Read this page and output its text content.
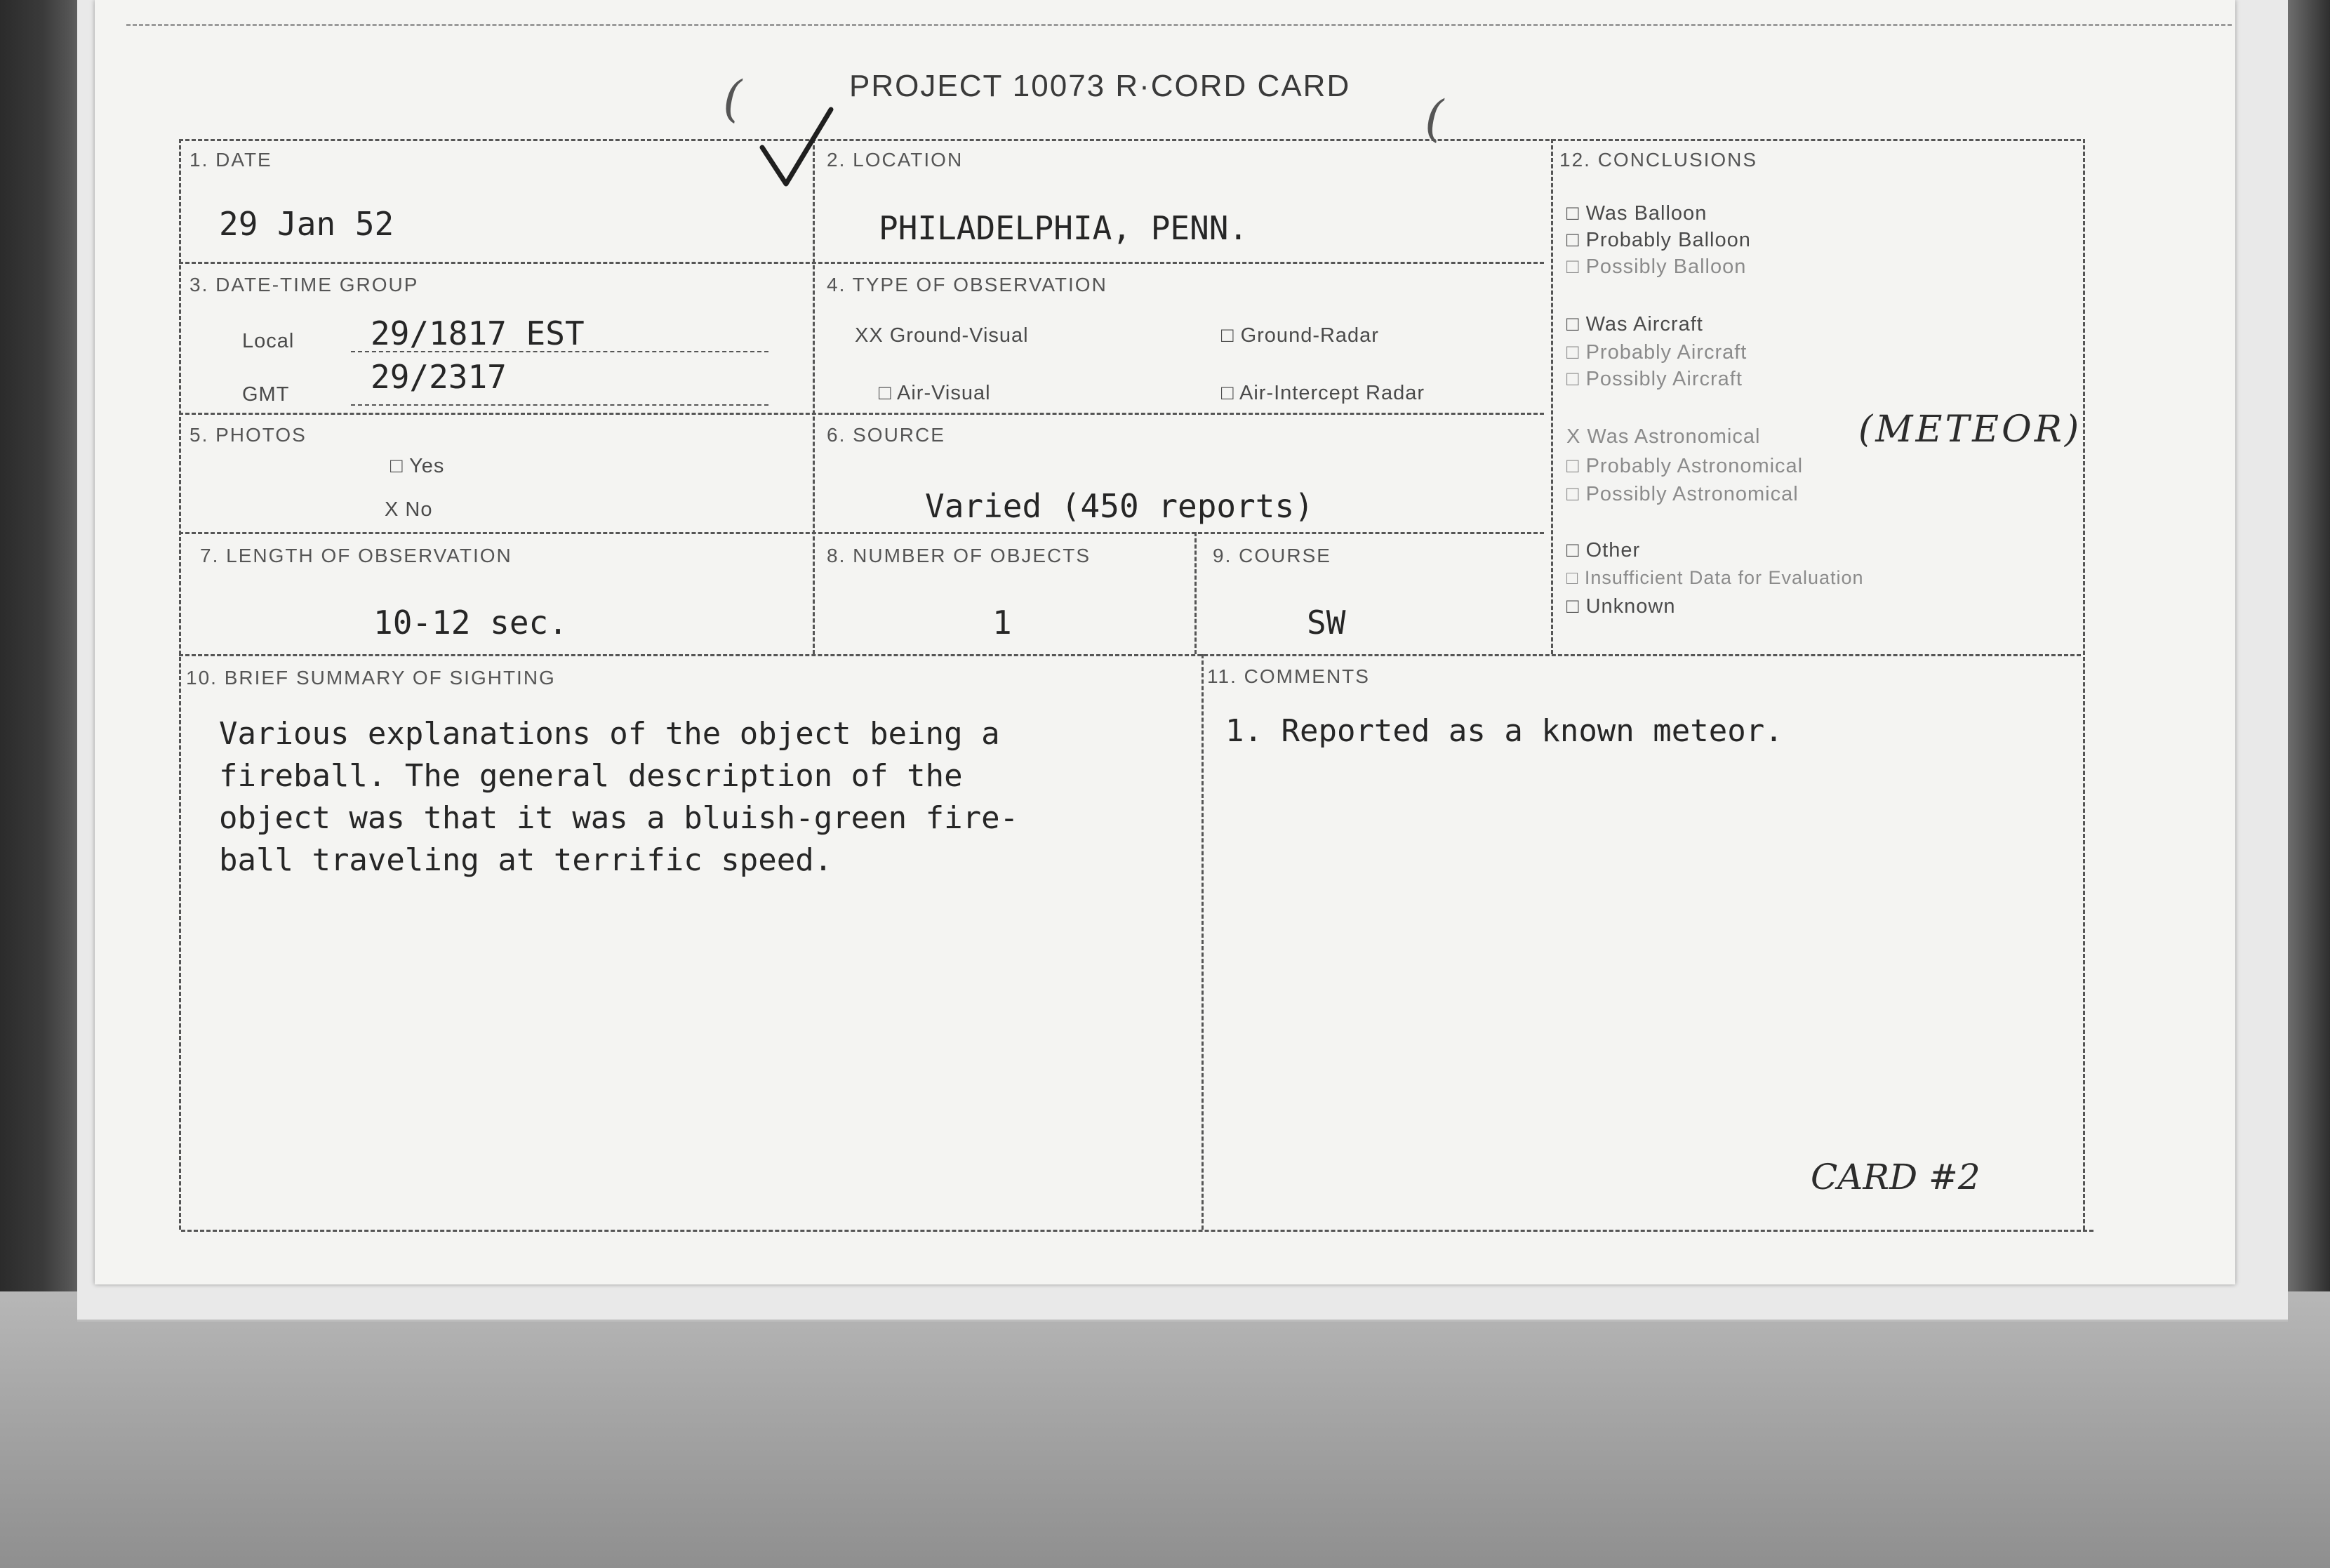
PROJECT 10073 R·CORD CARD
(	(
1. DATE
29 Jan 52
2. LOCATION
PHILADELPHIA, PENN.
3. DATE-TIME GROUP
Local 29/1817 EST
GMT	29/2317
4. TYPE OF OBSERVATION
XX Ground-Visual	□ Ground-Radar
□ Air-Visual	□ Air-Intercept Radar
5. PHOTOS
□ Yes
X No
6. SOURCE
Varied (450 reports)
7. LENGTH OF OBSERVATION
10-12 sec.
8. NUMBER OF OBJECTS
1
9. COURSE
SW
12. CONCLUSIONS
□ Was Balloon
□ Probably Balloon
□ Possibly Balloon
□ Was Aircraft
□ Probably Aircraft
□ Possibly Aircraft
X Was Astronomical	(METEOR)
□ Probably Astronomical
□ Possibly Astronomical
□ Other
□ Insufficient Data for Evaluation
□ Unknown
10. BRIEF SUMMARY OF SIGHTING
Various explanations of the object being a
fireball. The general description of the
object was that it was a bluish-green fire-
ball traveling at terrific speed.
11. COMMENTS
1. Reported as a known meteor.
CARD #2
